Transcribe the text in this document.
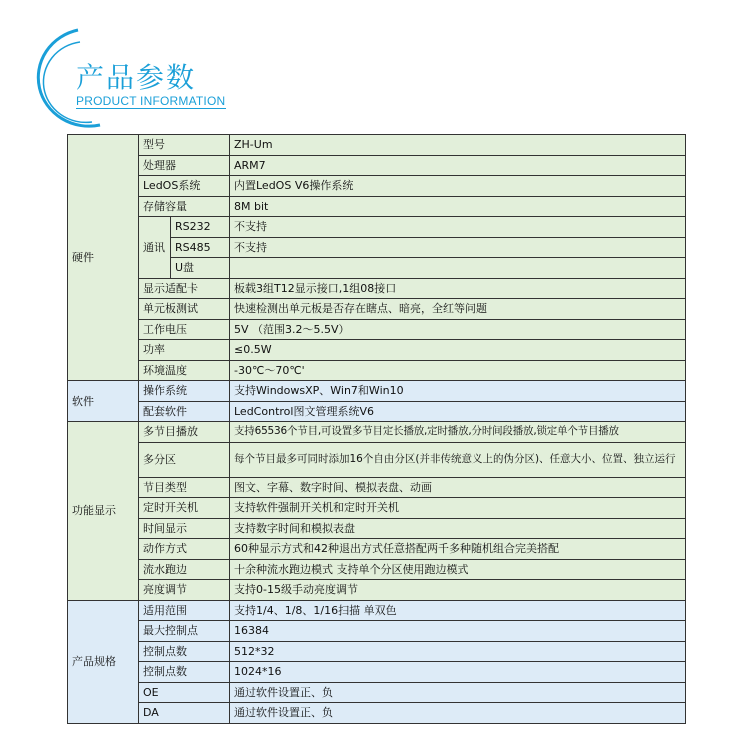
产品参数
PRODUCT INFORMATION
硬件	型号		ZH-Um
	处理器		ARM7
	LedOS系统		内置LedOS V6操作系统
	存储容量		8M bit
	通讯	RS232	不支持
		RS485	不支持
		U盘	
	显示适配卡		板载3组T12显示接口,1组08接口
	单元板测试		快速检测出单元板是否存在瞎点、暗亮，全红等问题
	工作电压		5V （范围3.2～5.5V）
	功率		≤0.5W
	环境温度		-30℃～70℃'
软件	操作系统		支持WindowsXP、Win7和Win10
	配套软件		LedControl图文管理系统V6
功能显示	多节目播放		支持65536个节目,可设置多节目定长播放,定时播放,分时间段播放,锁定单个节目播放
	多分区		每个节目最多可同时添加16个自由分区(并非传统意义上的伪分区)、任意大小、位置、独立运行
	节目类型		图文、字幕、数字时间、模拟表盘、动画
	定时开关机		支持软件强制开关机和定时开关机
	时间显示		支持数字时间和模拟表盘
	动作方式		60种显示方式和42种退出方式任意搭配两千多种随机组合完美搭配
	流水跑边		十余种流水跑边模式 支持单个分区使用跑边模式
	亮度调节		支持0-15级手动亮度调节
产品规格	适用范围		支持1/4、1/8、1/16扫描 单双色
	最大控制点		16384
	控制点数		512*32
	控制点数		1024*16
	OE		通过软件设置正、负
	DA		通过软件设置正、负
